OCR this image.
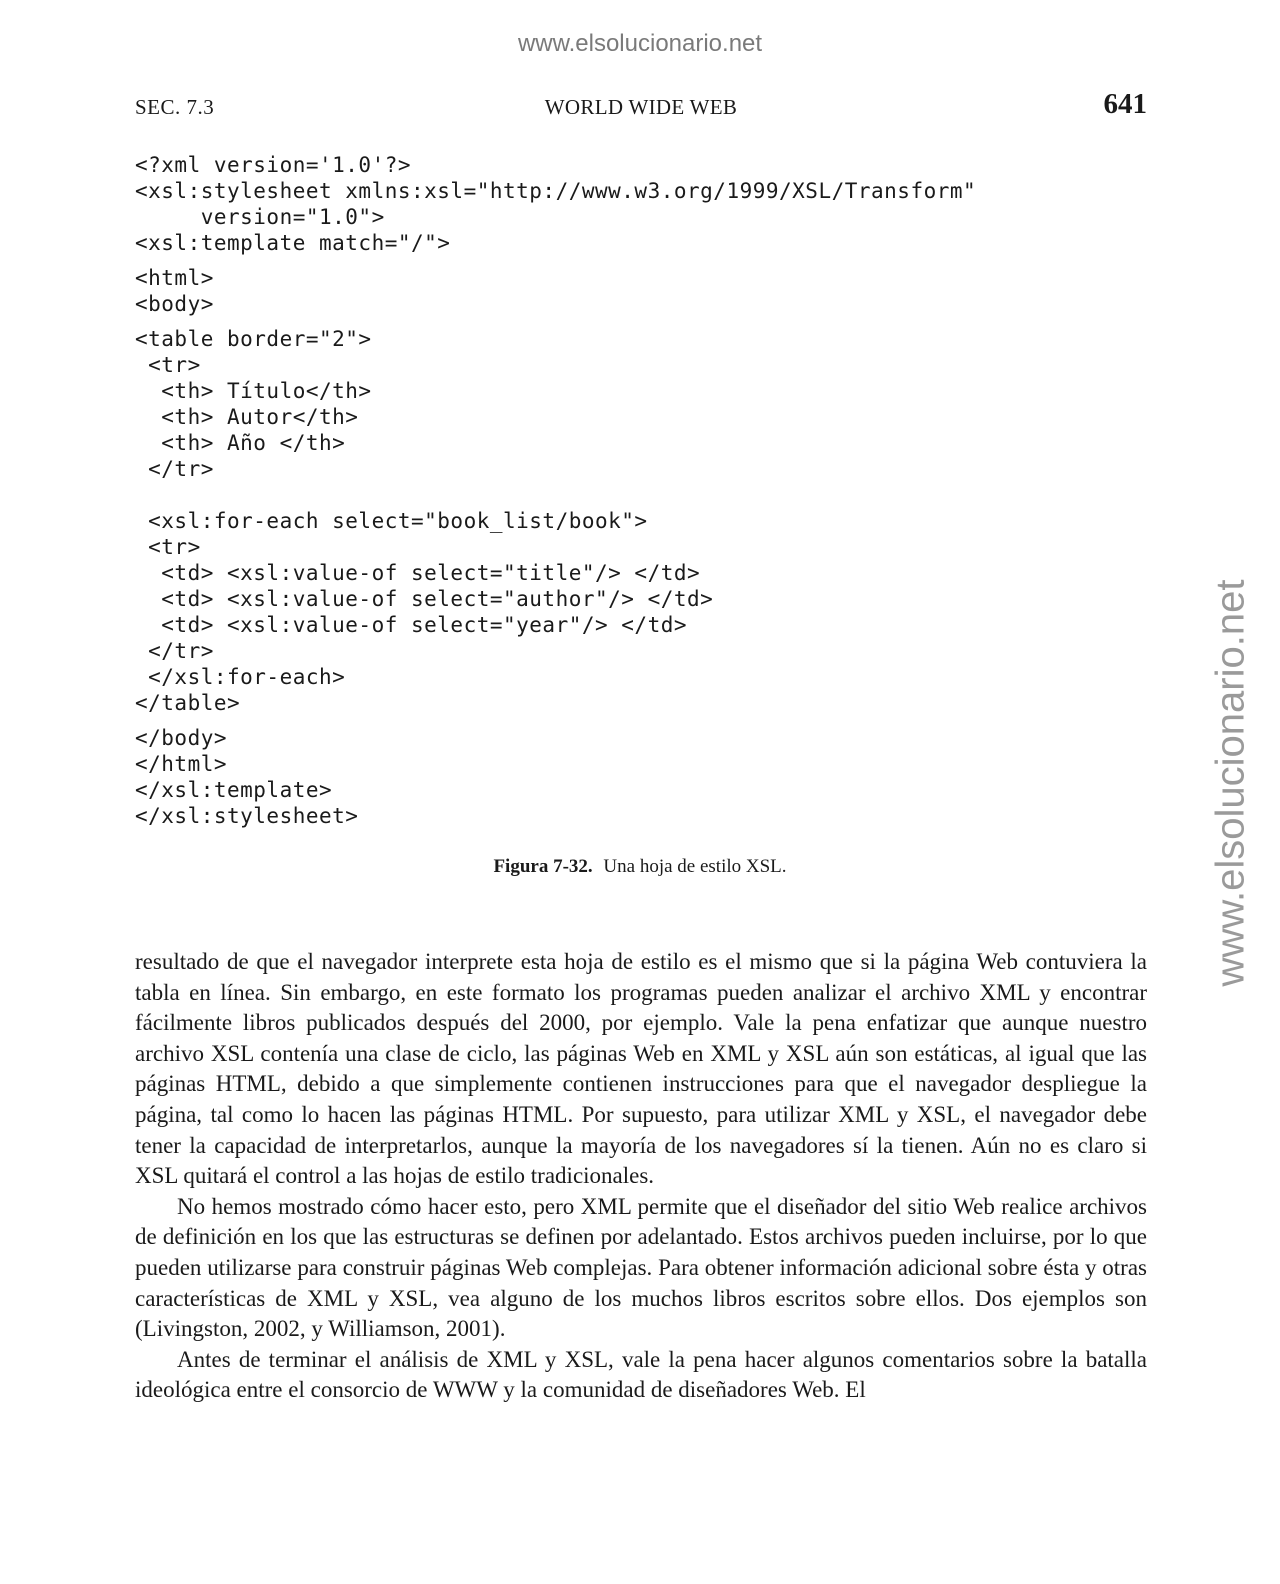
www.elsolucionario.net
www.elsolucionario.net
SEC. 7.3	WORLD WIDE WEB	641
<?xml version='1.0'?>
<xsl:stylesheet xmlns:xsl="http://www.w3.org/1999/XSL/Transform"
version="1.0">
<xsl:template match="/">
<html>
<body>
<table border="2">
<tr>
<th> Título</th>
<th> Autor</th>
<th> Año </th>
</tr>
<xsl:for-each select="book_list/book">
<tr>
<td> <xsl:value-of select="title"/> </td>
<td> <xsl:value-of select="author"/> </td>
<td> <xsl:value-of select="year"/> </td>
</tr>
</xsl:for-each>
</table>
</body>
</html>
</xsl:template>
</xsl:stylesheet>
Figura 7-32. Una hoja de estilo XSL.

resultado de que el navegador interprete esta hoja de estilo es el mismo que si la página Web contuviera la tabla en línea. Sin embargo, en este formato los programas pueden analizar el archivo XML y encontrar fácilmente libros publicados después del 2000, por ejemplo. Vale la pena enfatizar que aunque nuestro archivo XSL contenía una clase de ciclo, las páginas Web en XML y XSL aún son estáticas, al igual que las páginas HTML, debido a que simplemente contienen instrucciones para que el navegador despliegue la página, tal como lo hacen las páginas HTML. Por supuesto, para utilizar XML y XSL, el navegador debe tener la capacidad de interpretarlos, aunque la mayoría de los navegadores sí la tienen. Aún no es claro si XSL quitará el control a las hojas de estilo tradicionales.

No hemos mostrado cómo hacer esto, pero XML permite que el diseñador del sitio Web realice archivos de definición en los que las estructuras se definen por adelantado. Estos archivos pueden incluirse, por lo que pueden utilizarse para construir páginas Web complejas. Para obtener información adicional sobre ésta y otras características de XML y XSL, vea alguno de los muchos libros escritos sobre ellos. Dos ejemplos son (Livingston, 2002, y Williamson, 2001).

Antes de terminar el análisis de XML y XSL, vale la pena hacer algunos comentarios sobre la batalla ideológica entre el consorcio de WWW y la comunidad de diseñadores Web. El
